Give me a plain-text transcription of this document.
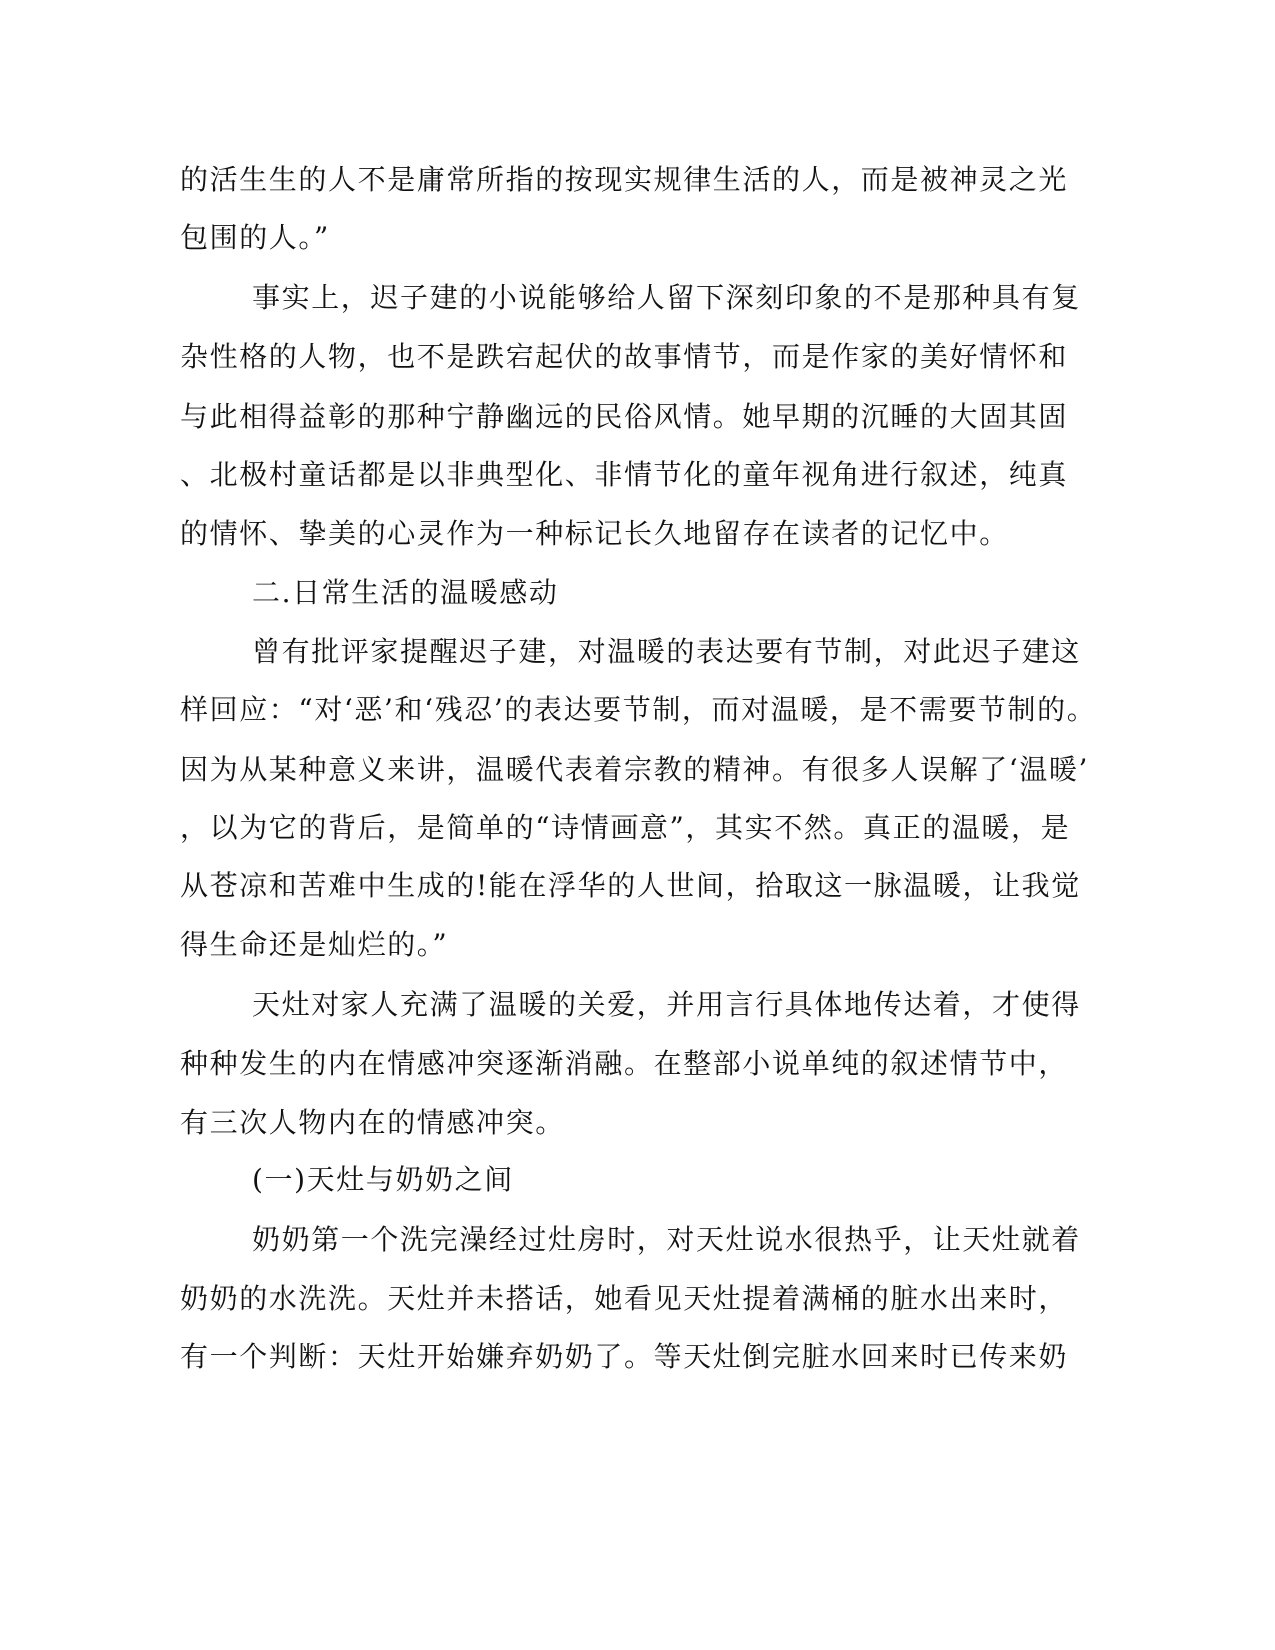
的活生生的人不是庸常所指的按现实规律生活的人，而是被神灵之光
包围的人。”
事实上，迟子建的小说能够给人留下深刻印象的不是那种具有复
杂性格的人物，也不是跌宕起伏的故事情节，而是作家的美好情怀和
与此相得益彰的那种宁静幽远的民俗风情。她早期的沉睡的大固其固
、北极村童话都是以非典型化、非情节化的童年视角进行叙述，纯真
的情怀、挚美的心灵作为一种标记长久地留存在读者的记忆中。
二.日常生活的温暖感动
曾有批评家提醒迟子建，对温暖的表达要有节制，对此迟子建这
样回应：“对‘恶’和‘残忍’的表达要节制，而对温暖，是不需要节制的。
因为从某种意义来讲，温暖代表着宗教的精神。有很多人误解了‘温暖’
，以为它的背后，是简单的“诗情画意”，其实不然。真正的温暖，是
从苍凉和苦难中生成的!能在浮华的人世间，拾取这一脉温暖，让我觉
得生命还是灿烂的。”
天灶对家人充满了温暖的关爱，并用言行具体地传达着，才使得
种种发生的内在情感冲突逐渐消融。在整部小说单纯的叙述情节中，
有三次人物内在的情感冲突。
(一)天灶与奶奶之间
奶奶第一个洗完澡经过灶房时，对天灶说水很热乎，让天灶就着
奶奶的水洗洗。天灶并未搭话，她看见天灶提着满桶的脏水出来时，
有一个判断：天灶开始嫌弃奶奶了。等天灶倒完脏水回来时已传来奶
